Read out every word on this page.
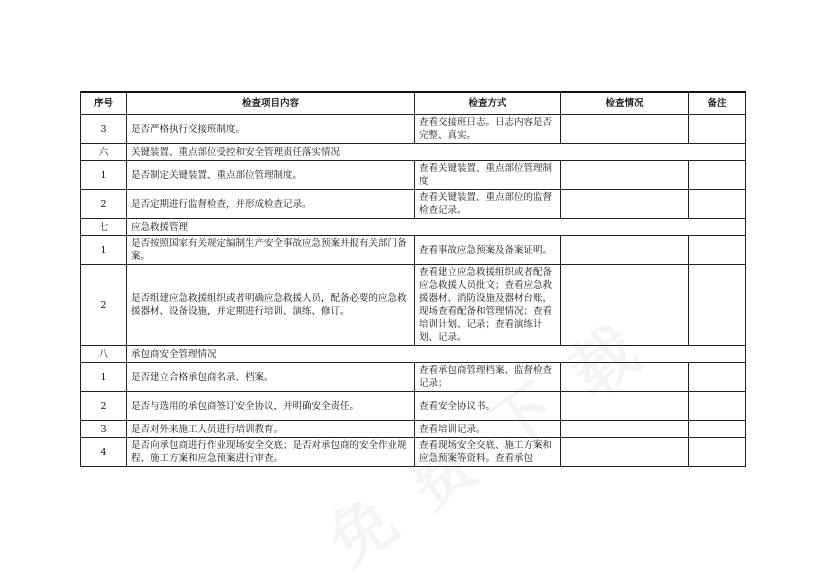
序号	检查项目内容	检查方式	检查情况	备注
3	是否严格执行交接班制度。	查看交接班日志。日志内容是否完整、真实。		
六	关键装置、重点部位受控和安全管理责任落实情况			
1	是否制定关键装置、重点部位管理制度。	查看关键装置、重点部位管理制度		
2	是否定期进行监督检查，并形成检查记录。	查看关键装置、重点部位的监督检查记录。		
七	应急救援管理			
1	是否按照国家有关规定编制生产安全事故应急预案并报有关部门备案。	查看事故应急预案及备案证明。		
2	是否组建应急救援组织或者明确应急救援人员，配备必要的应急救援器材、设备设施，并定期进行培训、演练、修订。	查看建立应急救援组织或者配备应急救援人员批文；查看应急救援器材、消防设施及器材台账，现场查看配备和管理情况；查看培训计划、记录；查看演练计划、记录。		
八	承包商安全管理情况			
1	是否建立合格承包商名录、档案。	查看承包商管理档案、监督检查记录；		
2	是否与选用的承包商签订安全协议，并明确安全责任。	查看安全协议书。		
3	是否对外来施工人员进行培训教育。	查看培训记录。		
4	是否向承包商进行作业现场安全交底；是否对承包商的安全作业规程、施工方案和应急预案进行审查。	查看现场安全交底、施工方案和应急预案等资料。查看承包		
